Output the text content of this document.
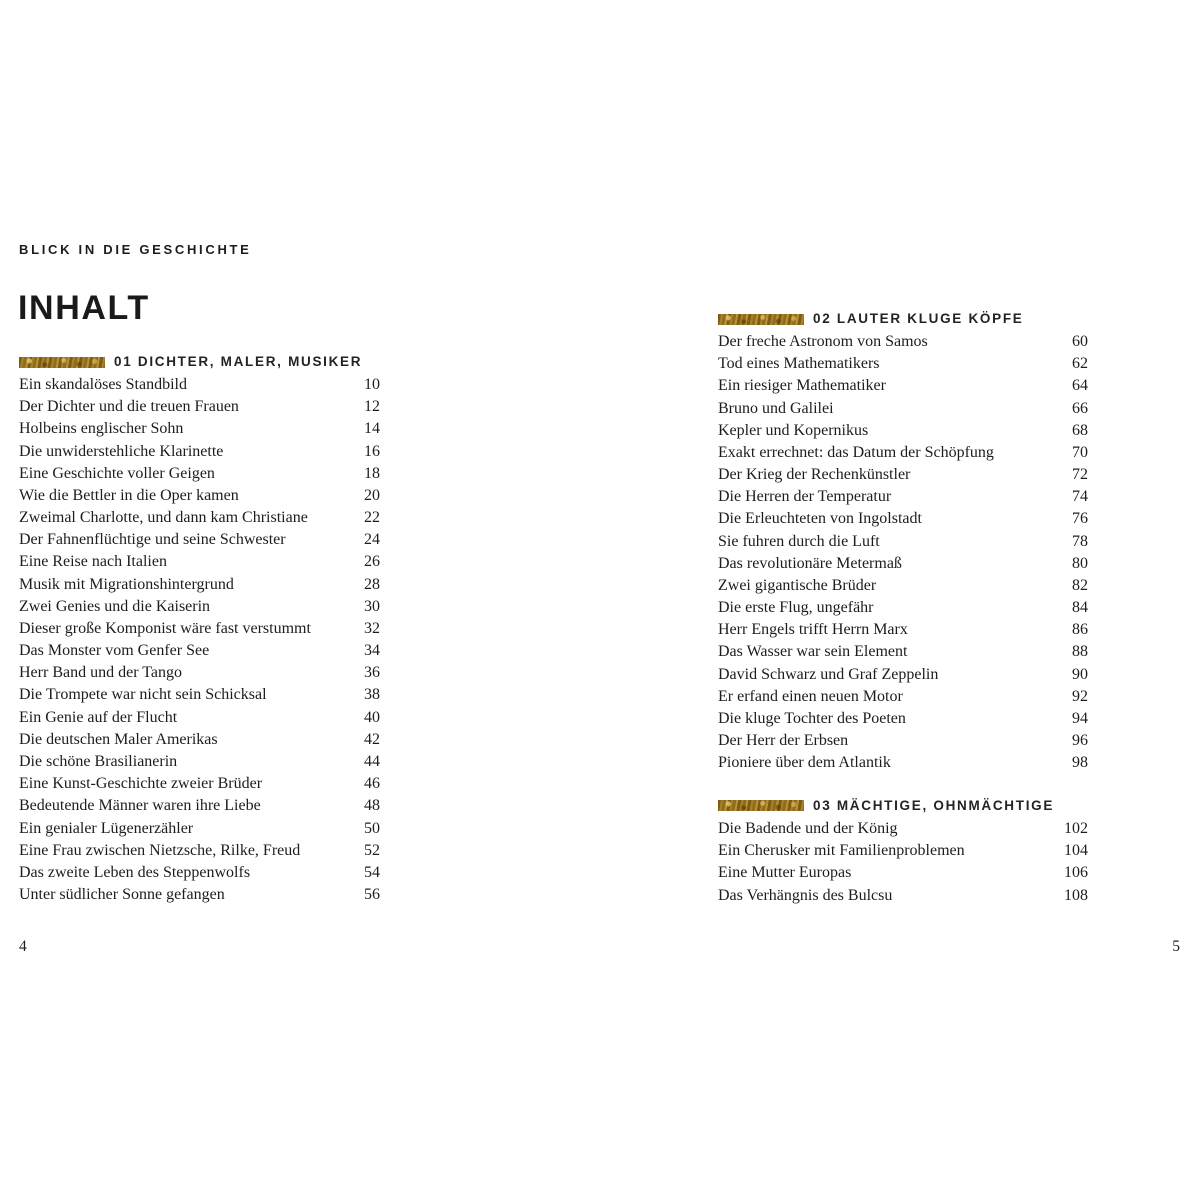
BLICK IN DIE GESCHICHTE
INHALT
01 DICHTER, MALER, MUSIKER
Ein skandalöses Standbild	10
Der Dichter und die treuen Frauen	12
Holbeins englischer Sohn	14
Die unwiderstehliche Klarinette	16
Eine Geschichte voller Geigen	18
Wie die Bettler in die Oper kamen	20
Zweimal Charlotte, und dann kam Christiane	22
Der Fahnenflüchtige und seine Schwester	24
Eine Reise nach Italien	26
Musik mit Migrationshintergrund	28
Zwei Genies und die Kaiserin	30
Dieser große Komponist wäre fast verstummt	32
Das Monster vom Genfer See	34
Herr Band und der Tango	36
Die Trompete war nicht sein Schicksal	38
Ein Genie auf der Flucht	40
Die deutschen Maler Amerikas	42
Die schöne Brasilianerin	44
Eine Kunst-Geschichte zweier Brüder	46
Bedeutende Männer waren ihre Liebe	48
Ein genialer Lügenerzähler	50
Eine Frau zwischen Nietzsche, Rilke, Freud	52
Das zweite Leben des Steppenwolfs	54
Unter südlicher Sonne gefangen	56
02 LAUTER KLUGE KÖPFE
Der freche Astronom von Samos	60
Tod eines Mathematikers	62
Ein riesiger Mathematiker	64
Bruno und Galilei	66
Kepler und Kopernikus	68
Exakt errechnet: das Datum der Schöpfung	70
Der Krieg der Rechenkünstler	72
Die Herren der Temperatur	74
Die Erleuchteten von Ingolstadt	76
Sie fuhren durch die Luft	78
Das revolutionäre Metermaß	80
Zwei gigantische Brüder	82
Die erste Flug, ungefähr	84
Herr Engels trifft Herrn Marx	86
Das Wasser war sein Element	88
David Schwarz und Graf Zeppelin	90
Er erfand einen neuen Motor	92
Die kluge Tochter des Poeten	94
Der Herr der Erbsen	96
Pioniere über dem Atlantik	98
03 MÄCHTIGE, OHNMÄCHTIGE
Die Badende und der König	102
Ein Cherusker mit Familienproblemen	104
Eine Mutter Europas	106
Das Verhängnis des Bulcsu	108
4	5
